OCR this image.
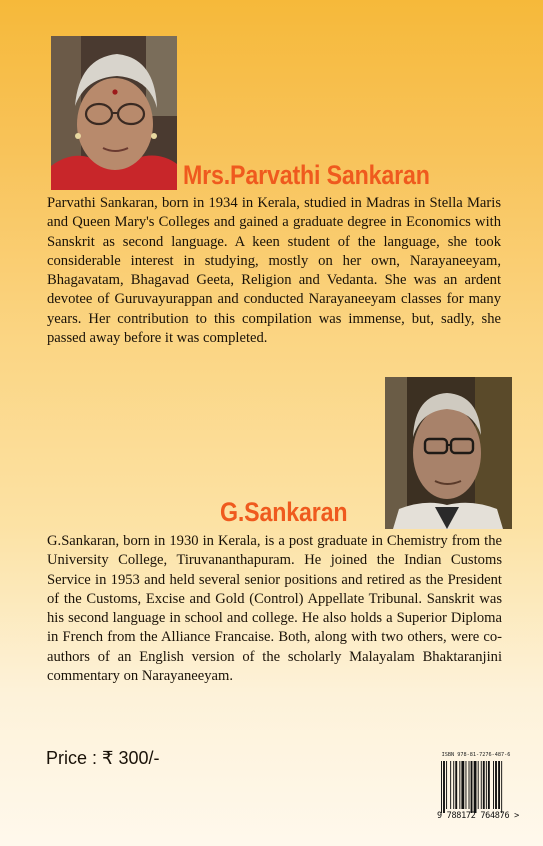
Mrs.Parvathi Sankaran

Parvathi Sankaran, born in 1934 in Kerala, studied in Madras in Stella Maris and Queen Mary's Colleges and gained a graduate degree in Economics with Sanskrit as second language. A keen student of the language, she took considerable interest in studying, mostly on her own, Narayaneeyam, Bhagavatam, Bhagavad Geeta, Religion and Vedanta. She was an ardent devotee of Guruvayurappan and conducted Narayaneeyam classes for many years. Her contribution to this compilation was immense, but, sadly, she passed away before it was completed.

G.Sankaran

G.Sankaran, born in 1930 in Kerala, is a post graduate in Chemistry from the University College, Tiruvananthapuram. He joined the Indian Customs Service in 1953 and held several senior positions and retired as the President of the Customs, Excise and Gold (Control) Appellate Tribunal. Sanskrit was his second language in school and college. He also holds a Superior Diploma in French from the Alliance Francaise. Both, along with two others, were co-authors of an English version of the scholarly Malayalam Bhaktaranjini commentary on Narayaneeyam.

Price : ₹ 300/-	ISBN 978-81-7276-487-6
9 788172 764876 >
